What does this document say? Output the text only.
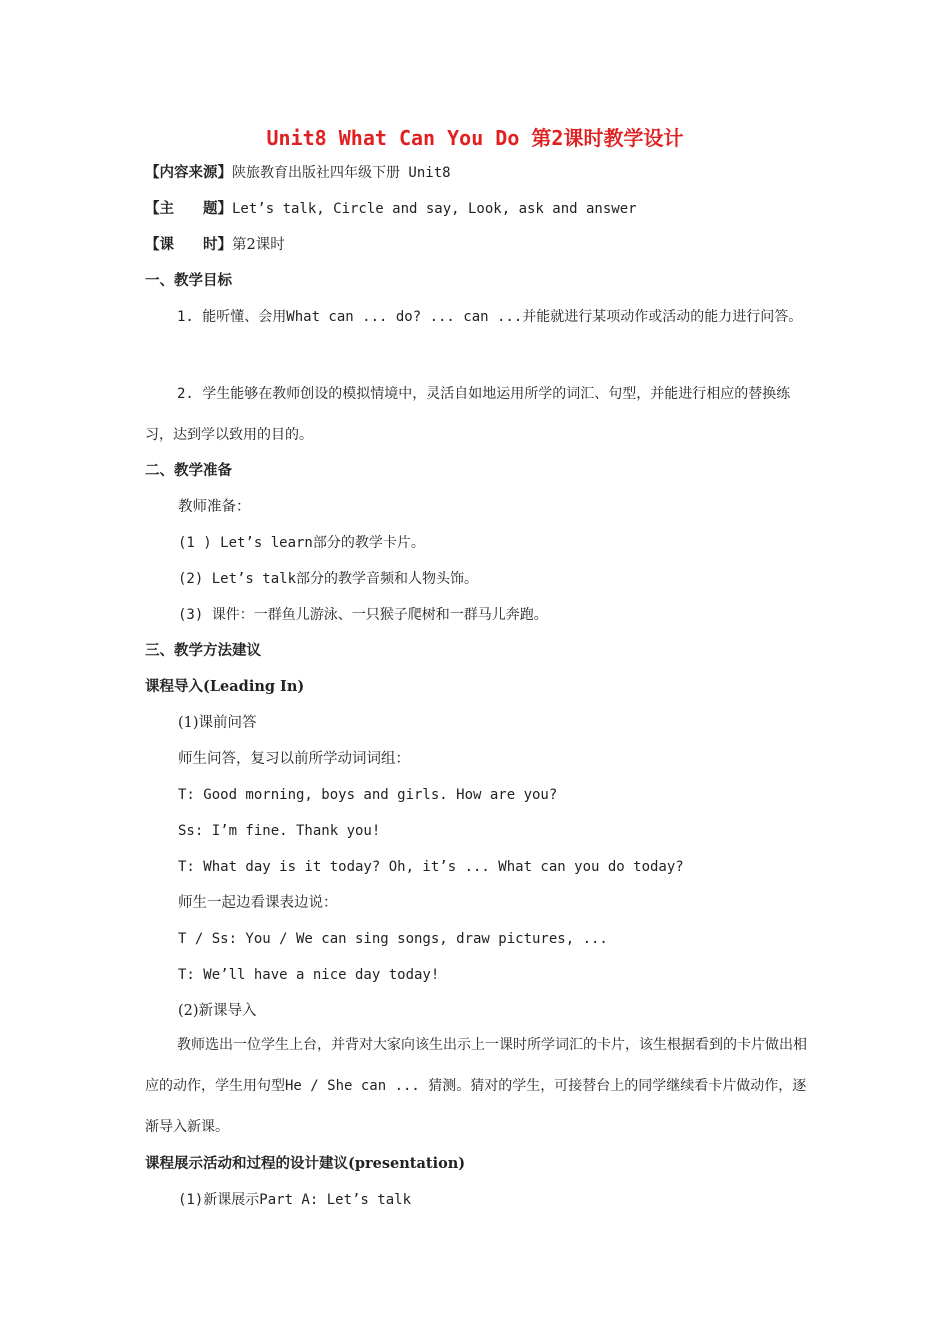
Unit8 What Can You Do 第2课时教学设计
【内容来源】陕旅教育出版社四年级下册 Unit8
【主　　题】Let’s talk, Circle and say, Look, ask and answer
【课　　时】第2课时
一、教学目标
1. 能听懂、会用What can ... do? ... can ...并能就进行某项动作或活动的能力进行问答。
2. 学生能够在教师创设的模拟情境中，灵活自如地运用所学的词汇、句型，并能进行相应的替换练习，达到学以致用的目的。
二、教学准备
教师准备：
(1 ) Let’s learn部分的教学卡片。
(2) Let’s talk部分的教学音频和人物头饰。
(3) 课件：一群鱼儿游泳、一只猴子爬树和一群马儿奔跑。
三、教学方法建议
课程导入(Leading In)
(1)课前问答
师生问答，复习以前所学动词词组：
T: Good morning, boys and girls. How are you?
Ss: I’m fine. Thank you!
T: What day is it today? Oh, it’s ... What can you do today?
师生一起边看课表边说：
T / Ss: You / We can sing songs, draw pictures, ...
T: We’ll have a nice day today!
(2)新课导入
教师选出一位学生上台，并背对大家向该生出示上一课时所学词汇的卡片，该生根据看到的卡片做出相应的动作，学生用句型He / She can ... 猜测。猜对的学生，可接替台上的同学继续看卡片做动作，逐渐导入新课。
课程展示活动和过程的设计建议(presentation)
(1)新课展示Part A: Let’s talk
